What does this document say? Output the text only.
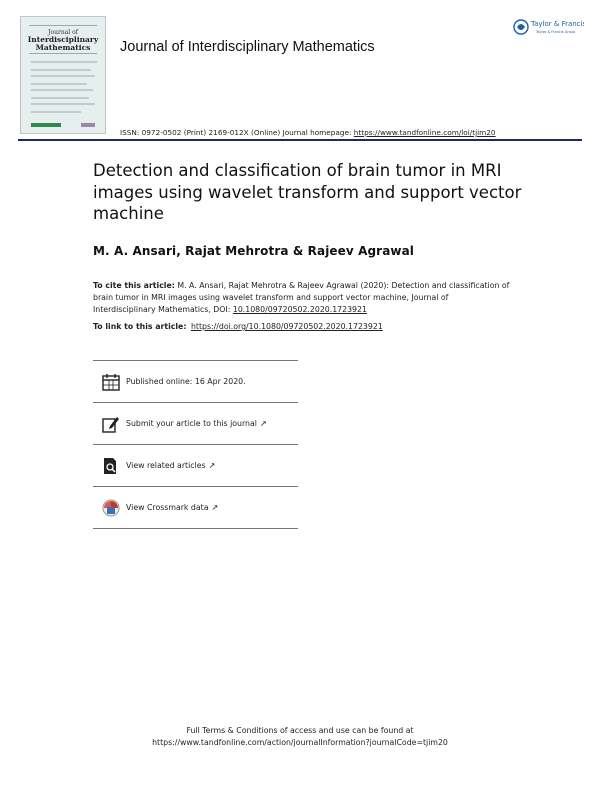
Journal of
Interdisciplinary
Mathematics	Journal of Interdisciplinary Mathematics
Taylor & Francis
Taylor & Francis Group
ISSN: 0972-0502 (Print) 2169-012X (Online) Journal homepage: https://www.tandfonline.com/loi/tjim20
Detection and classification of brain tumor in MRI images using wavelet transform and support vector machine
M. A. Ansari, Rajat Mehrotra & Rajeev Agrawal
To cite this article: M. A. Ansari, Rajat Mehrotra & Rajeev Agrawal (2020): Detection and classification of brain tumor in MRI images using wavelet transform and support vector machine, Journal of Interdisciplinary Mathematics, DOI: 10.1080/09720502.2020.1723921
To link to this article: https://doi.org/10.1080/09720502.2020.1723921
Published online: 16 Apr 2020.
Submit your article to this journal ↗
View related articles ↗
View Crossmark data ↗
Full Terms & Conditions of access and use can be found at
https://www.tandfonline.com/action/journalInformation?journalCode=tjim20
